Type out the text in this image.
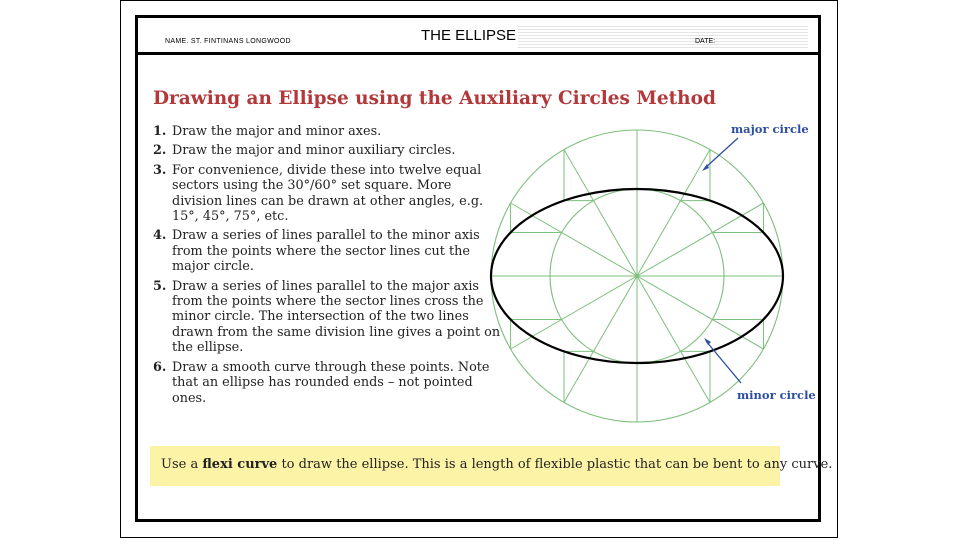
NAME. ST. FINTINANS LONGWOOD	THE ELLIPSE	DATE:
Drawing an Ellipse using the Auxiliary Circles Method
1. Draw the major and minor axes.
2. Draw the major and minor auxiliary circles.
3. For convenience, divide these into twelve equal sectors using the 30°/60° set square. More division lines can be drawn at other angles, e.g. 15°, 45°, 75°, etc.
4. Draw a series of lines parallel to the minor axis from the points where the sector lines cut the major circle.
5. Draw a series of lines parallel to the major axis from the points where the sector lines cross the minor circle. The intersection of the two lines drawn from the same division line gives a point on the ellipse.
6. Draw a smooth curve through these points. Note that an ellipse has rounded ends – not pointed ones.
major circle
minor circle
Use a flexi curve to draw the ellipse. This is a length of flexible plastic that can be bent to any curve.
